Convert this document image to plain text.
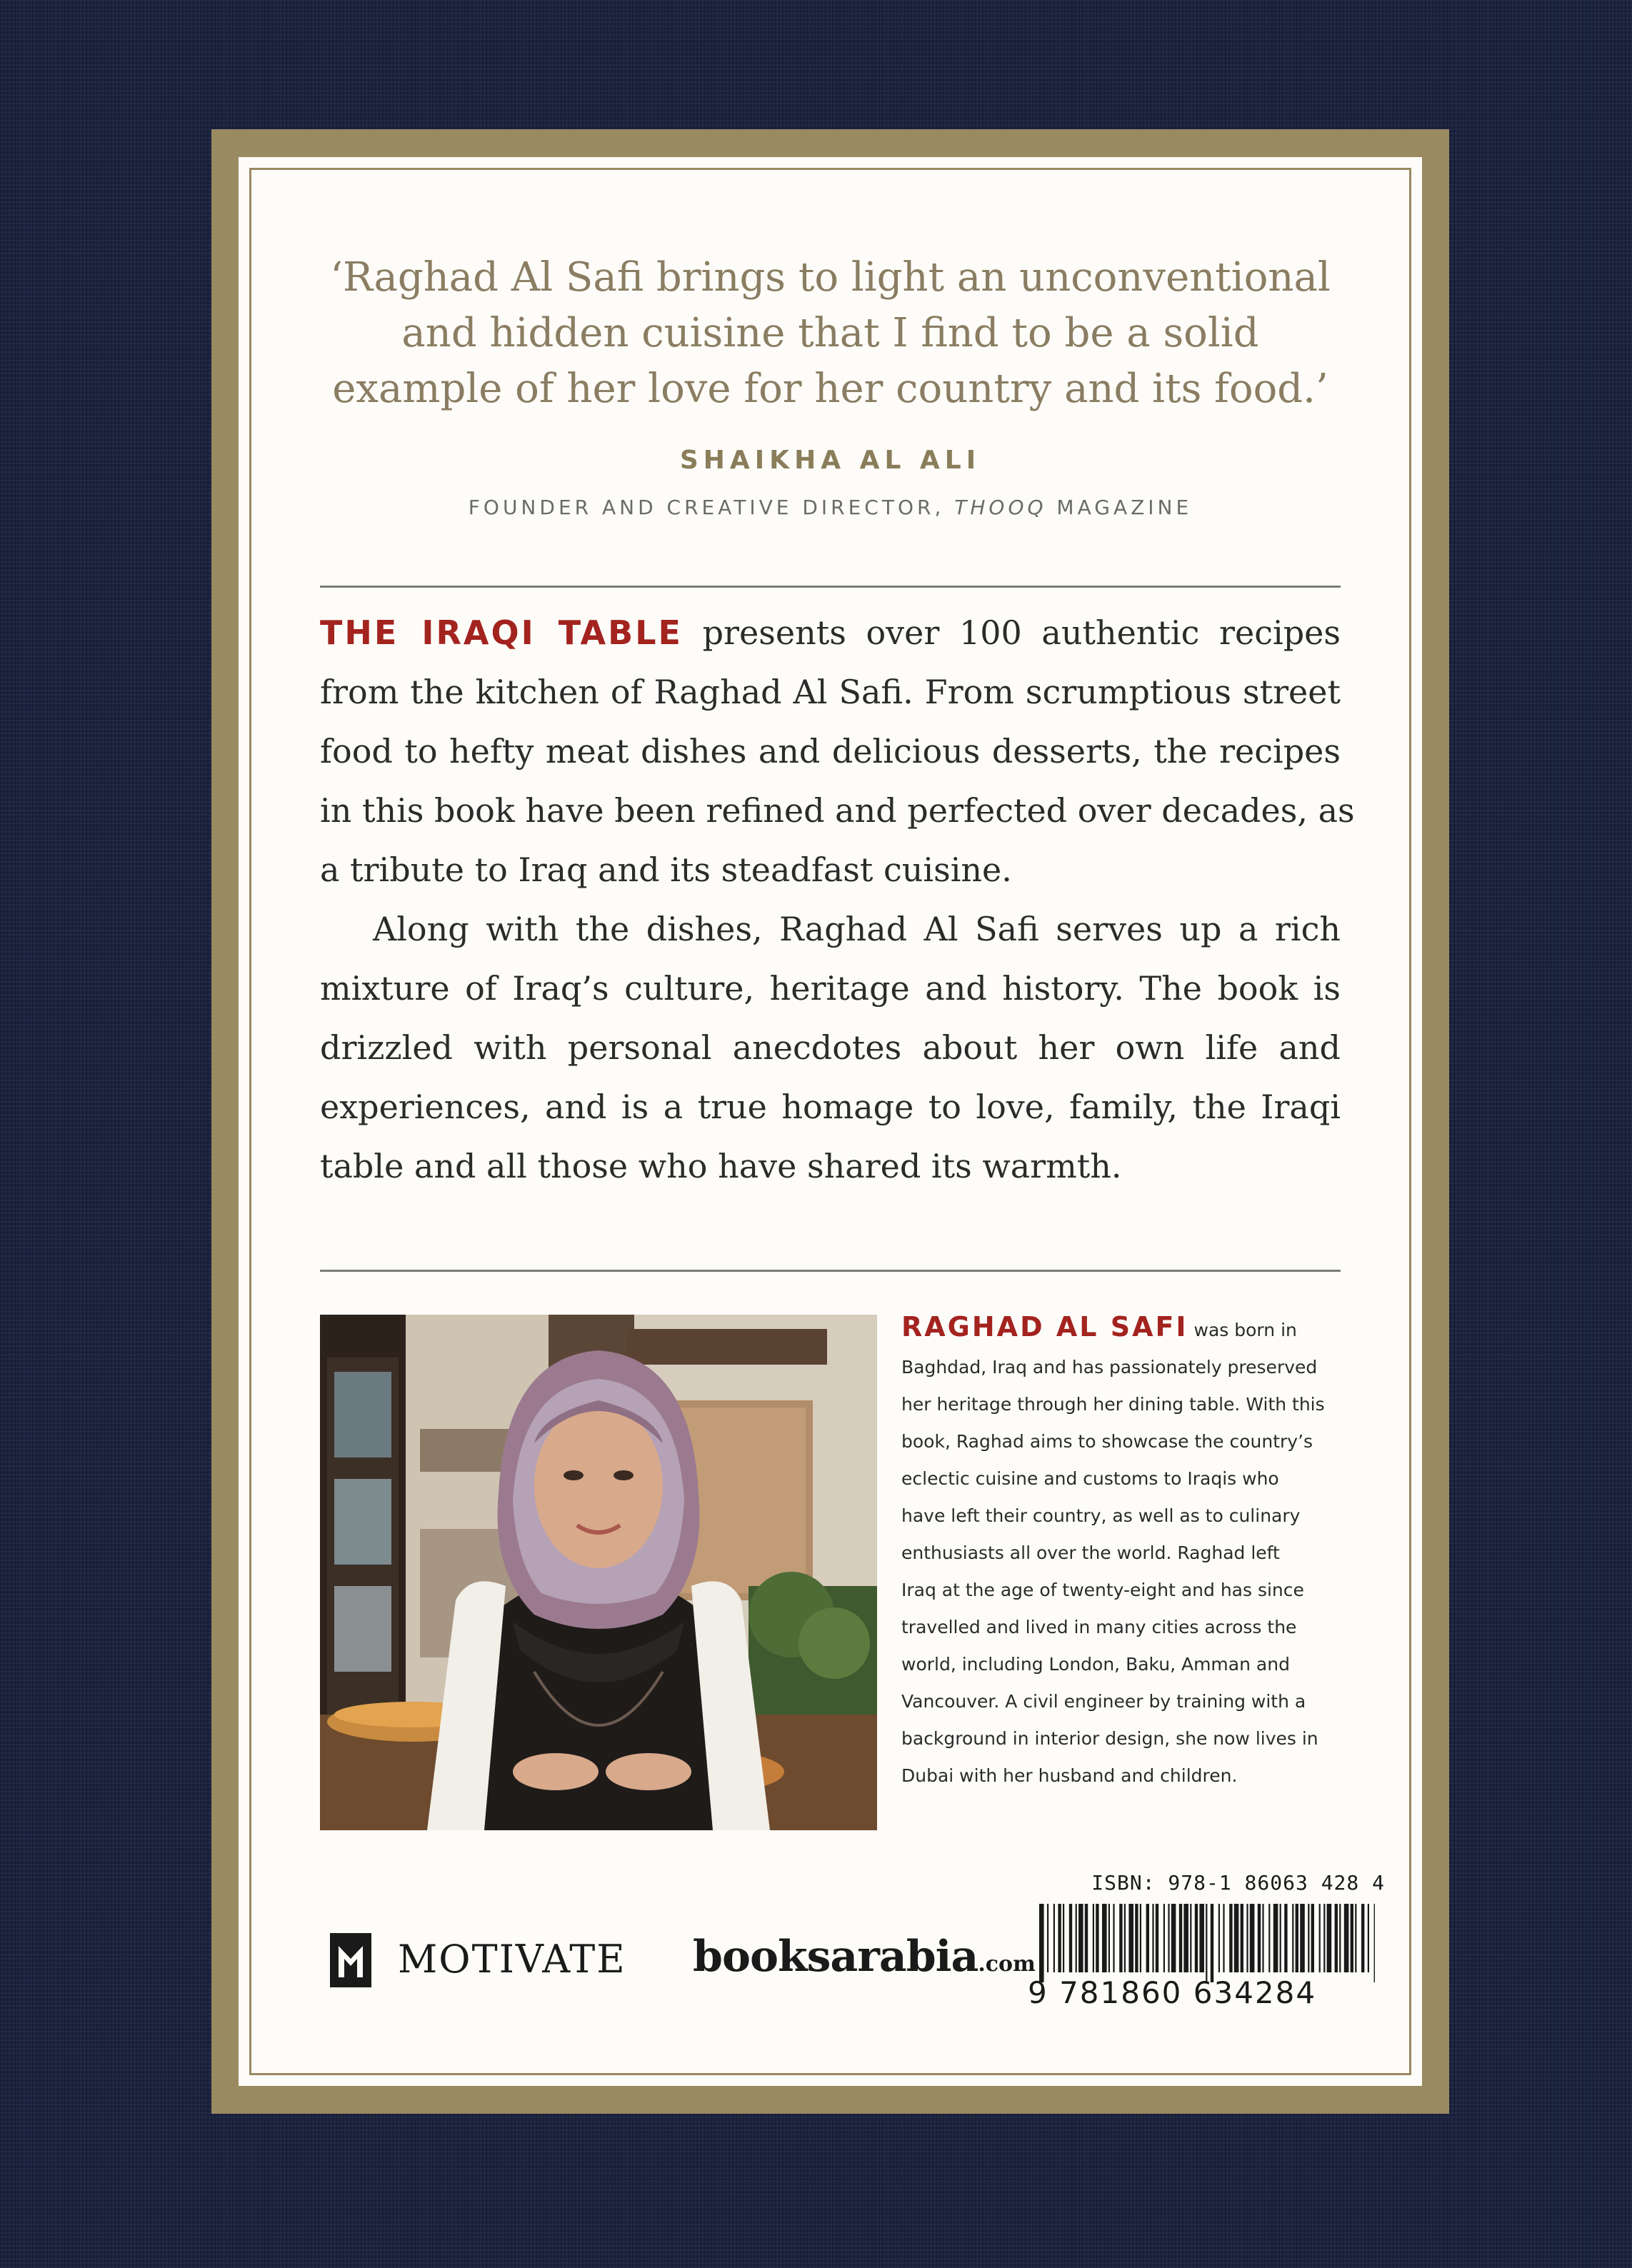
‘Raghad Al Safi brings to light an unconventional
and hidden cuisine that I find to be a solid
example of her love for her country and its food.’
SHAIKHA AL ALI
FOUNDER AND CREATIVE DIRECTOR, THOOQ MAGAZINE
THE IRAQI TABLE presents over 100 authentic recipes
from the kitchen of Raghad Al Safi. From scrumptious street
food to hefty meat dishes and delicious desserts, the recipes
in this book have been refined and perfected over decades, as
a tribute to Iraq and its steadfast cuisine.
Along with the dishes, Raghad Al Safi serves up a rich
mixture of Iraq’s culture, heritage and history. The book is
drizzled with personal anecdotes about her own life and
experiences, and is a true homage to love, family, the Iraqi
table and all those who have shared its warmth.
RAGHAD AL SAFI was born in
Baghdad, Iraq and has passionately preserved
her heritage through her dining table. With this
book, Raghad aims to showcase the country’s
eclectic cuisine and customs to Iraqis who
have left their country, as well as to culinary
enthusiasts all over the world. Raghad left
Iraq at the age of twenty-eight and has since
travelled and lived in many cities across the
world, including London, Baku, Amman and
Vancouver. A civil engineer by training with a
background in interior design, she now lives in
Dubai with her husband and children.
MOTIVATE booksarabia.com
ISBN: 978-1 86063 428 4
9 781860 634284
